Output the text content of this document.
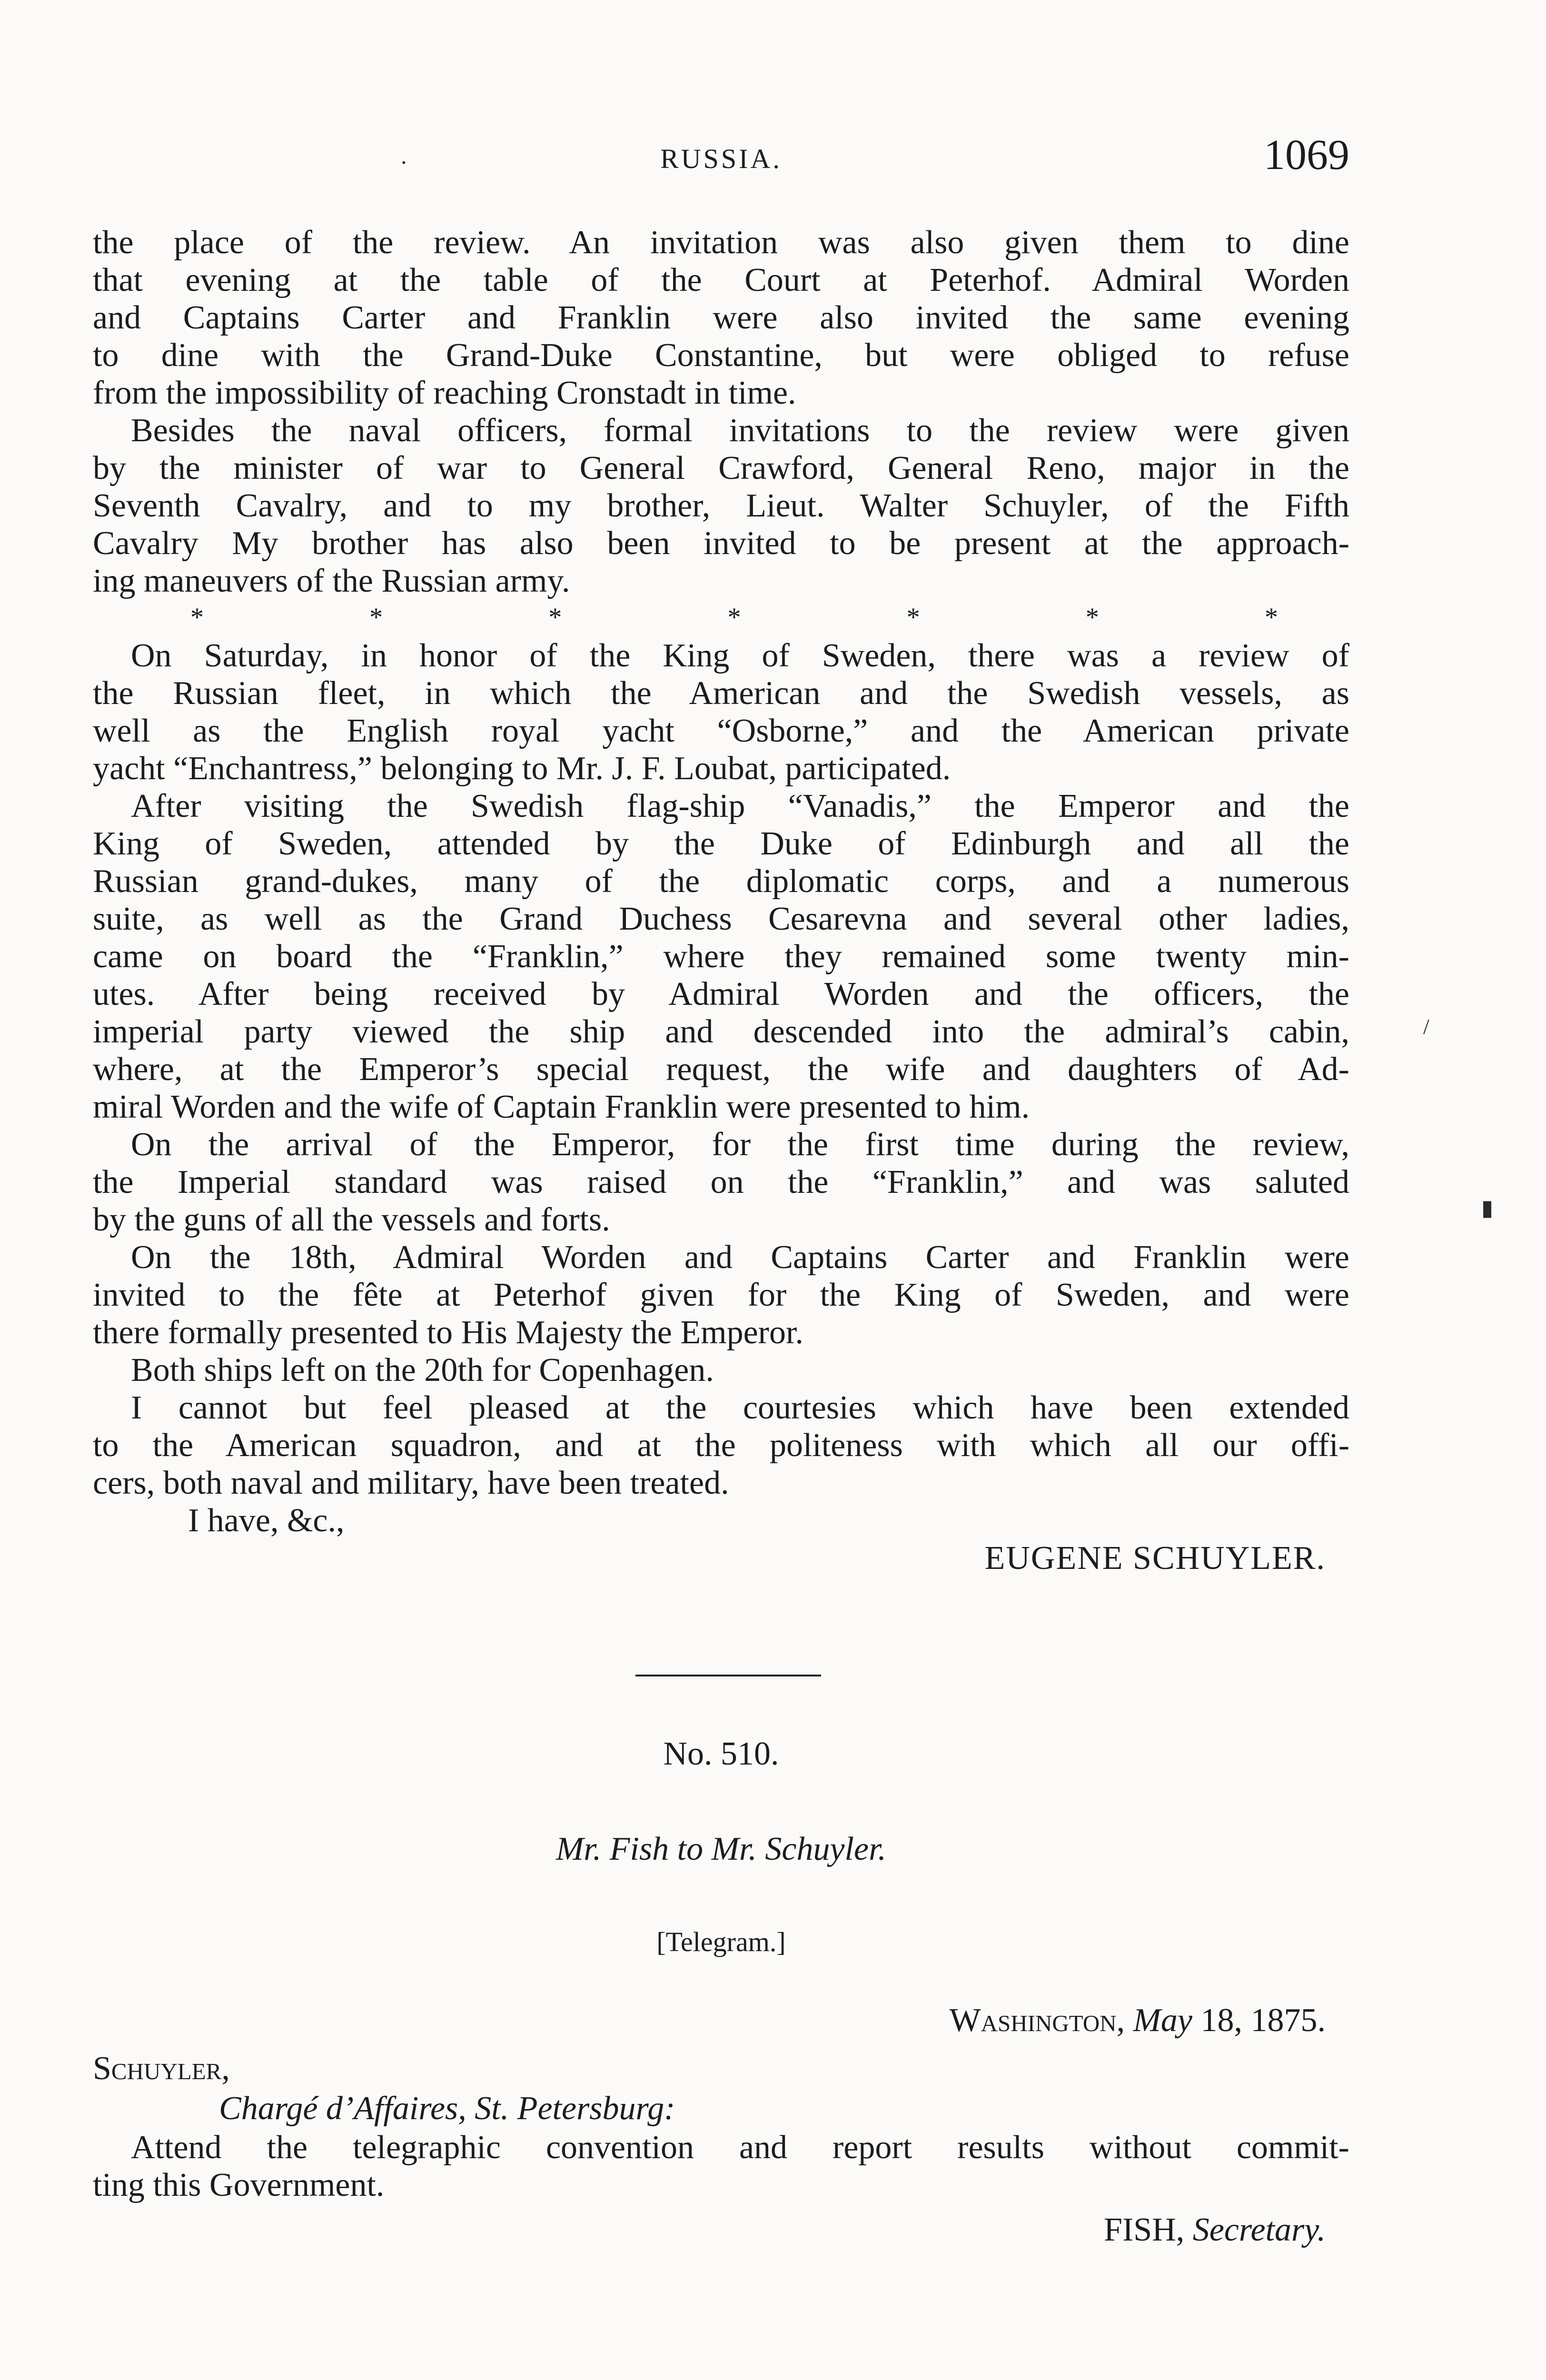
·	RUSSIA.	1069

the place of the review. An invitation was also given them to dine

that evening at the table of the Court at Peterhof. Admiral Worden

and Captains Carter and Franklin were also invited the same evening

to dine with the Grand-Duke Constantine, but were obliged to refuse

from the impossibility of reaching Cronstadt in time.

Besides the naval officers, formal invitations to the review were given

by the minister of war to General Crawford, General Reno, major in the

Seventh Cavalry, and to my brother, Lieut. Walter Schuyler, of the Fifth

Cavalry My brother has also been invited to be present at the approach-

ing maneuvers of the Russian army.

*	*	*	*	*	*	*

On Saturday, in honor of the King of Sweden, there was a review of

the Russian fleet, in which the American and the Swedish vessels, as

well as the English royal yacht “Osborne,” and the American private

yacht “Enchantress,” belonging to Mr. J. F. Loubat, participated.

After visiting the Swedish flag-ship “Vanadis,” the Emperor and the

King of Sweden, attended by the Duke of Edinburgh and all the

Russian grand-dukes, many of the diplomatic corps, and a numerous

suite, as well as the Grand Duchess Cesarevna and several other ladies,

came on board the “Franklin,” where they remained some twenty min-

utes. After being received by Admiral Worden and the officers, the

imperial party viewed the ship and descended into the admiral’s cabin,

where, at the Emperor’s special request, the wife and daughters of Ad-

miral Worden and the wife of Captain Franklin were presented to him.

On the arrival of the Emperor, for the first time during the review,

the Imperial standard was raised on the “Franklin,” and was saluted

by the guns of all the vessels and forts.

On the 18th, Admiral Worden and Captains Carter and Franklin were

invited to the fête at Peterhof given for the King of Sweden, and were

there formally presented to His Majesty the Emperor.

Both ships left on the 20th for Copenhagen.

I cannot but feel pleased at the courtesies which have been extended

to the American squadron, and at the politeness with which all our offi-

cers, both naval and military, have been treated.

I have, &c.,
EUGENE SCHUYLER.
No. 510.
Mr. Fish to Mr. Schuyler.
[Telegram.]
Washington, May 18, 1875.
Schuyler,
Chargé d’Affaires, St. Petersburg:

Attend the telegraphic convention and report results without commit-

ting this Government.

FISH, Secretary.
▮
/
